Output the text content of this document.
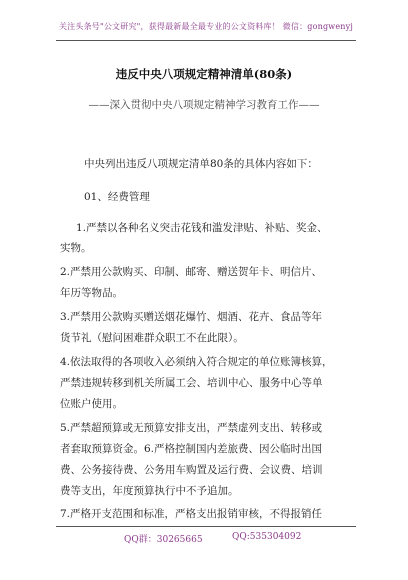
关注头条号"公文研究"，获得最新最全最专业的公文资料库！ 微信：gongwenyj
违反中央八项规定精神清单(80条)
——深入贯彻中央八项规定精神学习教育工作——
中央列出违反八项规定清单80条的具体内容如下：
01、经费管理
1.严禁以各种名义突击花钱和滥发津贴、补贴、奖金、
实物。
2.严禁用公款购买、印制、邮寄、赠送贺年卡、明信片、
年历等物品。
3.严禁用公款购买赠送烟花爆竹、烟酒、花卉、食品等年
货节礼（慰问困难群众职工不在此限）。
4.依法取得的各项收入必须纳入符合规定的单位账簿核算，
严禁违规转移到机关所属工会、培训中心、服务中心等单
位账户使用。
5.严禁超预算或无预算安排支出，严禁虚列支出、转移或
者套取预算资金。6.严格控制国内差旅费、因公临时出国
费、公务接待费、公务用车购置及运行费、会议费、培训
费等支出，年度预算执行中不予追加。
7.严格开支范围和标准，严格支出报销审核，不得报销任
QQ群：30265665	QQ:535304092
